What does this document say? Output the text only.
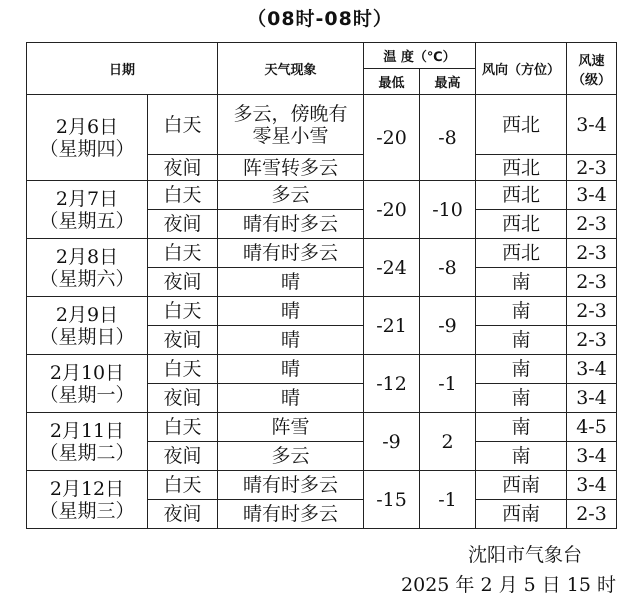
（08时-08时）
日期		天气现象	温 度（℃）		风向（方位）	风速（级）
			最低	最高		

2月6日
（星期四）	白天	多云，傍晚有零星小雪	-20	-8	西北	3-4
	夜间	阵雪转多云			西北	2-3

2月7日
（星期五）	白天	多云	-20	-10	西北	3-4
	夜间	晴有时多云			西北	2-3

2月8日
（星期六）	白天	晴有时多云	-24	-8	西北	2-3
	夜间	晴			南	2-3

2月9日
（星期日）	白天	晴	-21	-9	南	2-3
	夜间	晴			南	2-3

2月10日
（星期一）	白天	晴	-12	-1	南	3-4
	夜间	晴			南	3-4

2月11日
（星期二）	白天	阵雪	-9	2	南	4-5
	夜间	多云			南	3-4

2月12日
（星期三）	白天	晴有时多云	-15	-1	西南	3-4
	夜间	晴有时多云			西南	2-3
沈阳市气象台
2025 年 2 月 5 日 15 时
